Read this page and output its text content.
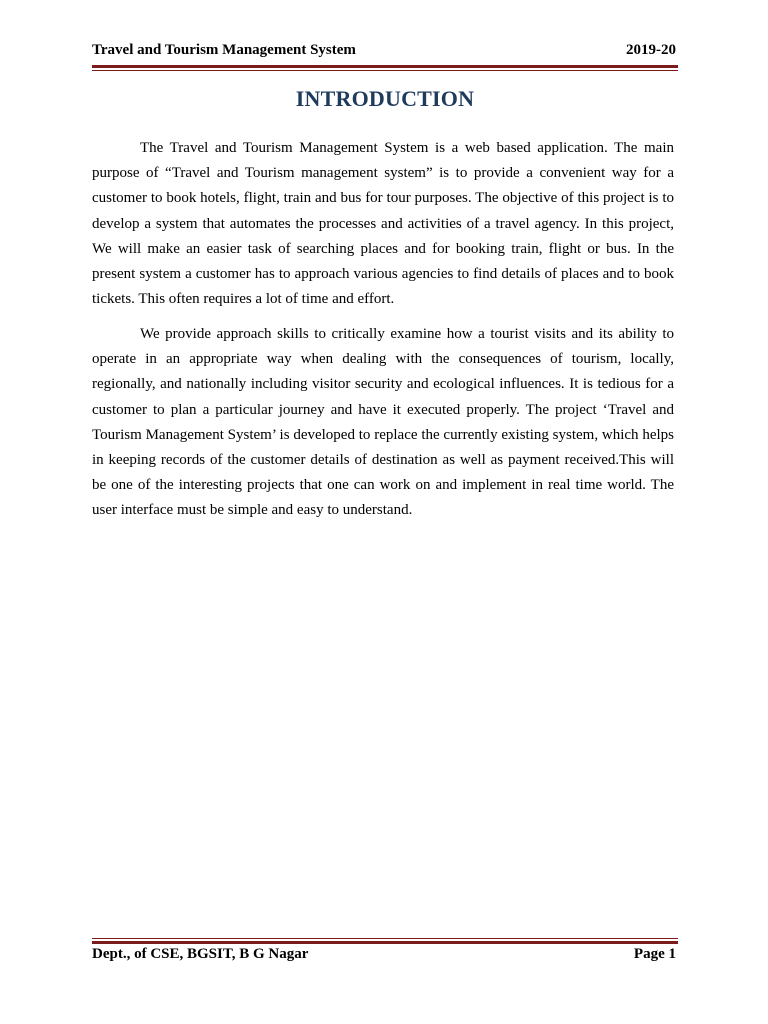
Travel and Tourism Management System	2019-20
INTRODUCTION

The Travel and Tourism Management System is a web based application. The main purpose of “Travel and Tourism management system” is to provide a convenient way for a customer to book hotels, flight, train and bus for tour purposes. The objective of this project is to develop a system that automates the processes and activities of a travel agency. In this project, We will make an easier task of searching places and for booking train, flight or bus. In the present system a customer has to approach various agencies to find details of places and to book tickets. This often requires a lot of time and effort.

We provide approach skills to critically examine how a tourist visits and its ability to operate in an appropriate way when dealing with the consequences of tourism, locally, regionally, and nationally including visitor security and ecological influences. It is tedious for a customer to plan a particular journey and have it executed properly. The project ‘Travel and Tourism Management System’ is developed to replace the currently existing system, which helps in keeping records of the customer details of destination as well as payment received.This will be one of the interesting projects that one can work on and implement in real time world. The user interface must be simple and easy to understand.

Dept., of CSE, BGSIT, B G Nagar	Page 1
